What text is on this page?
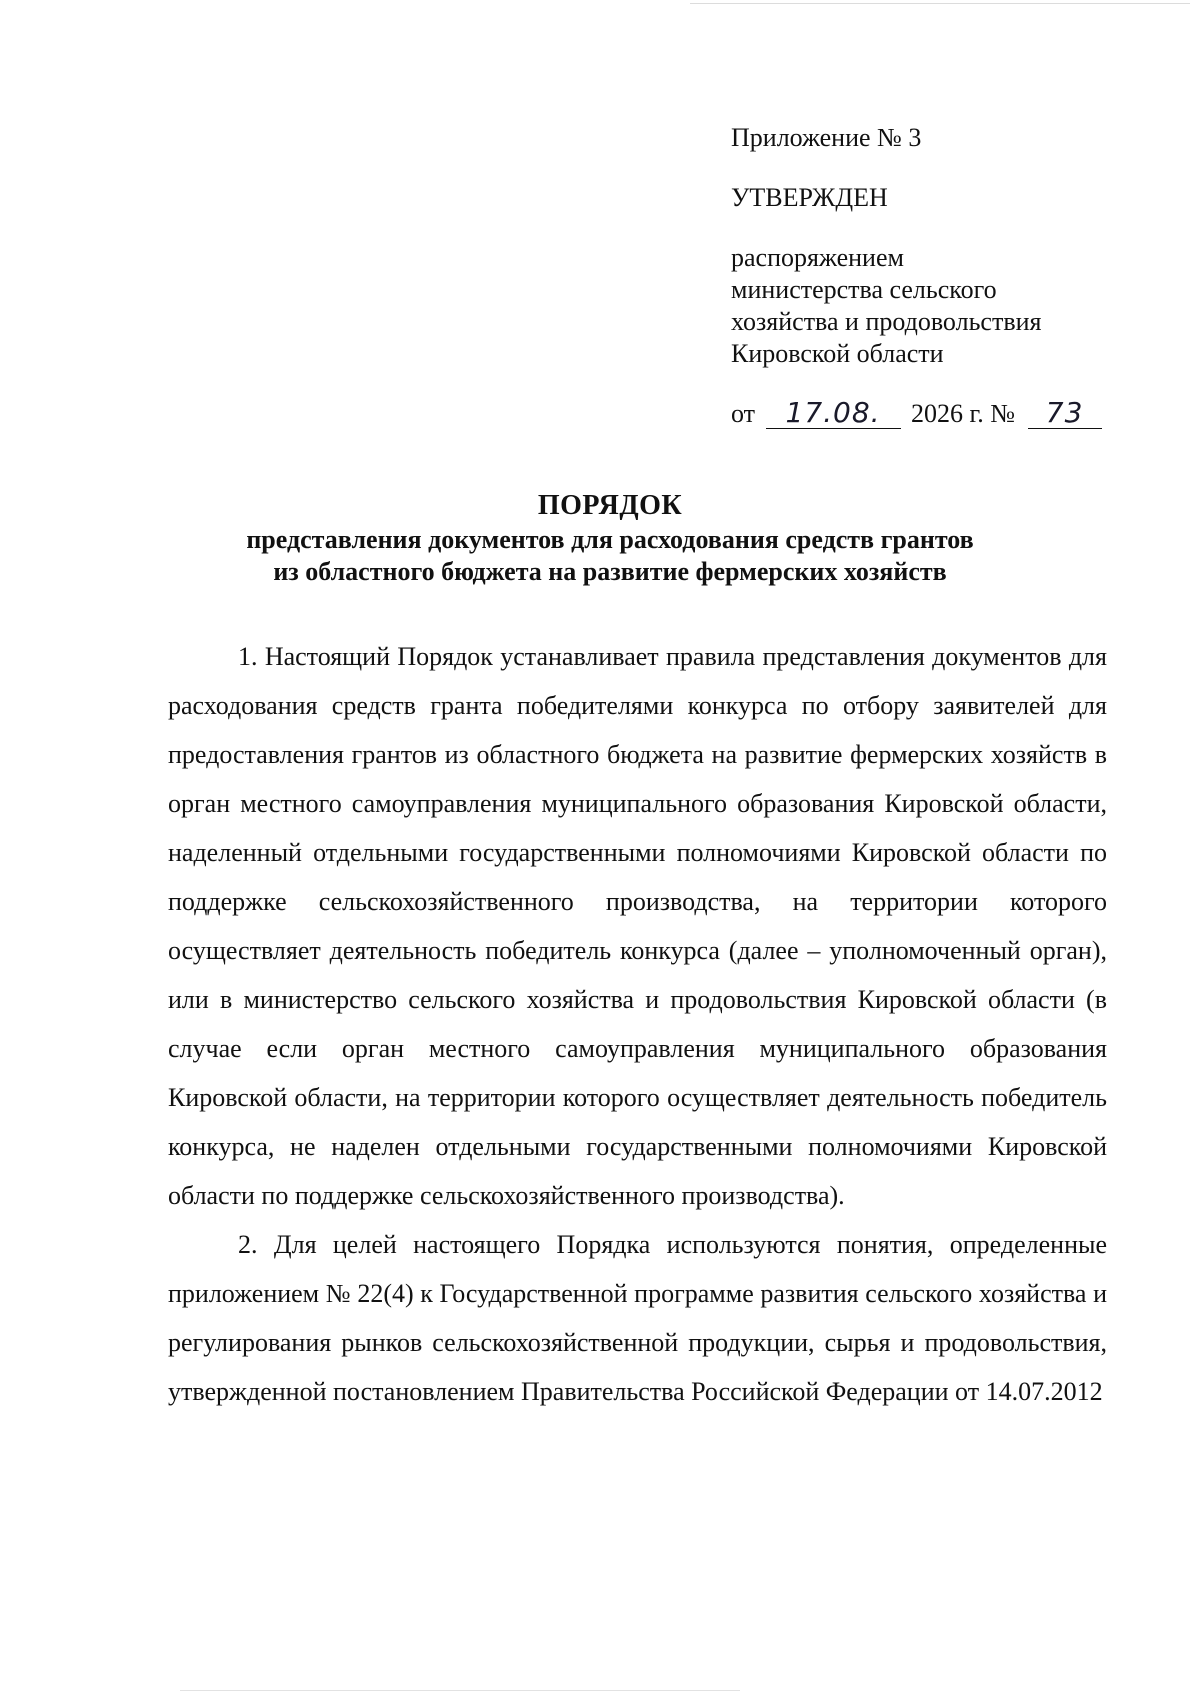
Приложение № 3
УТВЕРЖДЕН
распоряжением
министерства сельского
хозяйства и продовольствия
Кировской области
от 17.08. 2026 г. № 73
ПОРЯДОК
представления документов для расходования средств грантов
из областного бюджета на развитие фермерских хозяйств

1. Настоящий Порядок устанавливает правила представления документов для расходования средств гранта победителями конкурса по отбору заявителей для предоставления грантов из областного бюджета на развитие фермерских хозяйств в орган местного самоуправления муниципального образования Кировской области, наделенный отдельными государственными полномочиями Кировской области по поддержке сельскохозяйственного производства, на территории которого осуществляет деятельность победитель конкурса (далее – уполномоченный орган), или в министерство сельского хозяйства и продовольствия Кировской области (в случае если орган местного самоуправления муниципального образования Кировской области, на территории которого осуществляет деятельность победитель конкурса, не наделен отдельными государственными полномочиями Кировской области по поддержке сельскохозяйственного производства).

2. Для целей настоящего Порядка используются понятия, определенные приложением № 22(4) к Государственной программе развития сельского хозяйства и регулирования рынков сельскохозяйственной продукции, сырья и продовольствия, утвержденной постановлением Правительства Российской Федерации от 14.07.2012
